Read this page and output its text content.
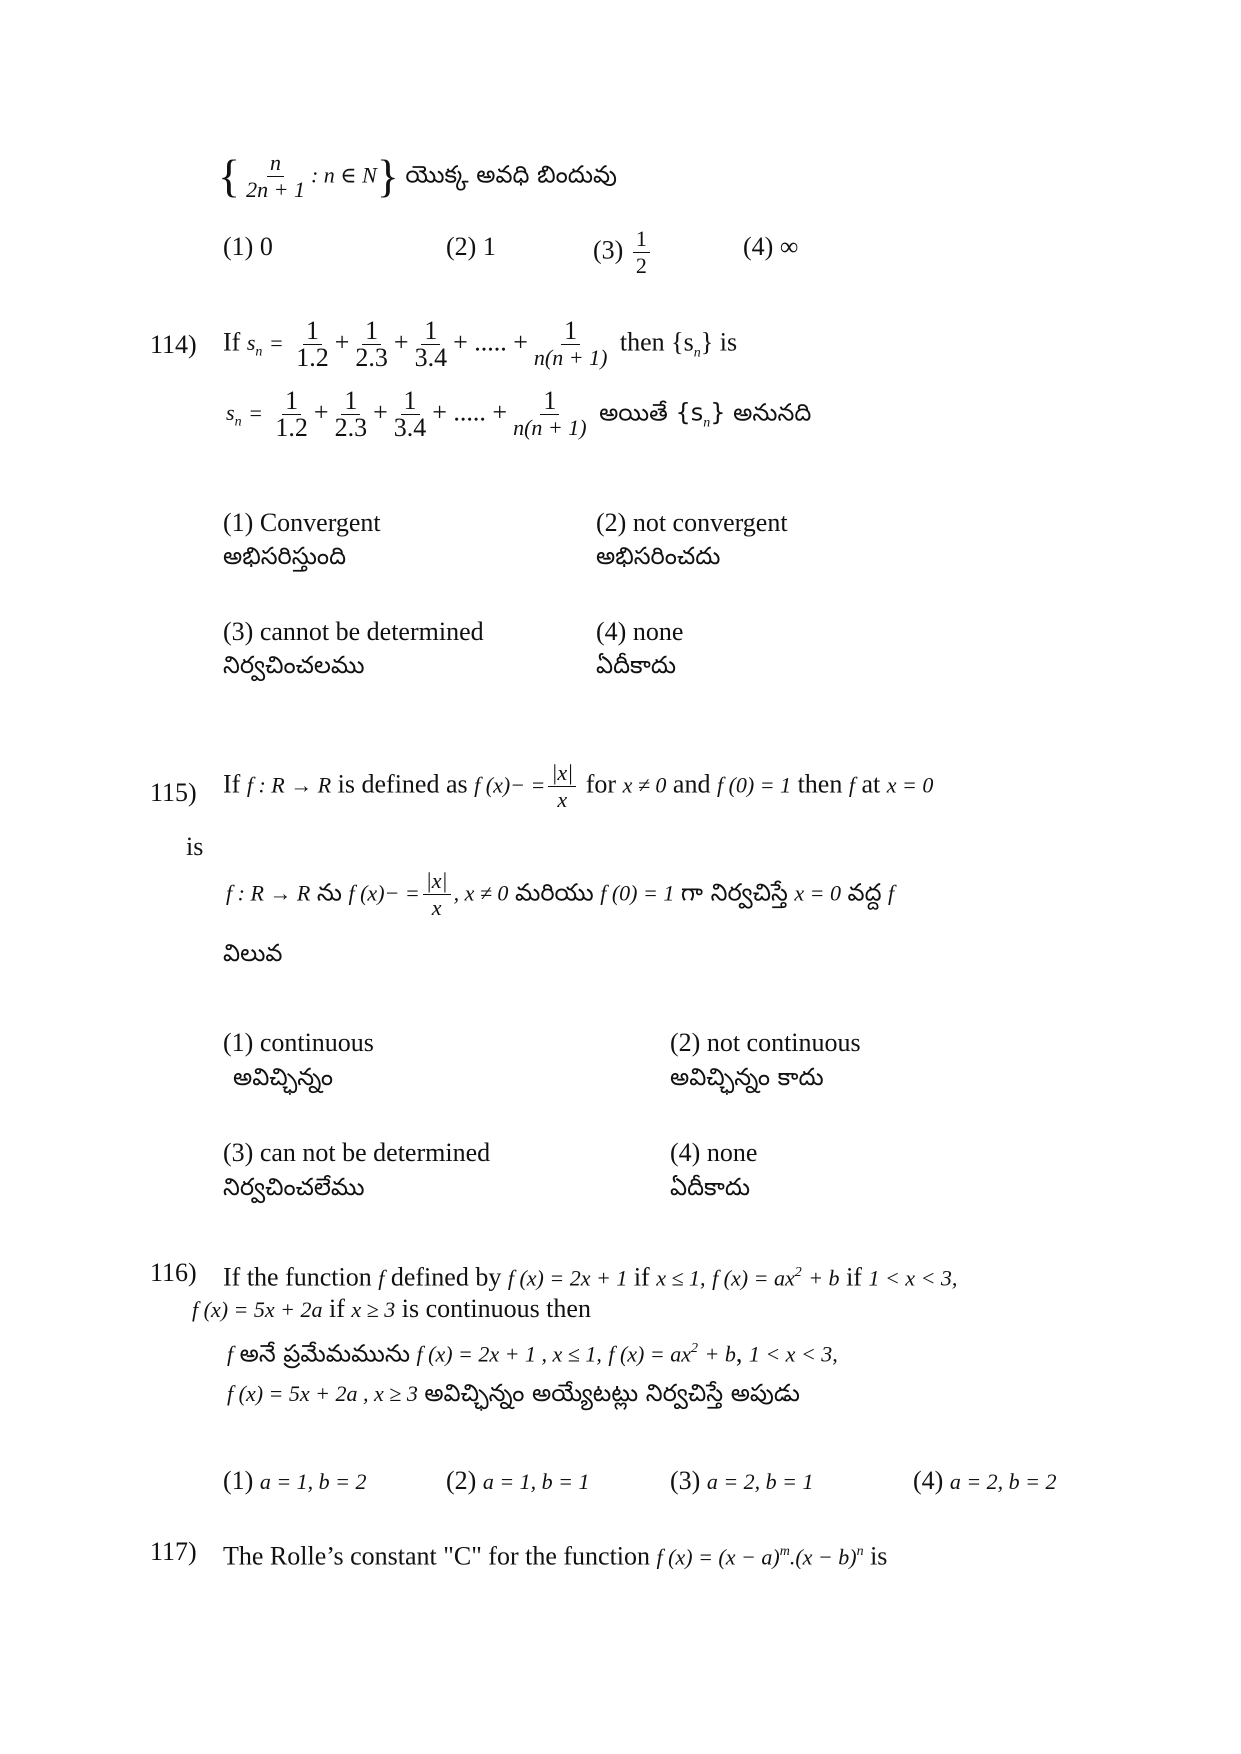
{ $\frac{n}{2n + 1}$ : n ∈ N} యొక్క అవధి బిందువు
(1) 0	(2) 1	$(3) \frac{1}{2}$	(4) ∞
114) If $s_n = \frac{1}{1.2} + \frac{1}{2.3} + \frac{1}{3.4}$ + ..... + $\frac{1}{n(n + 1)}$ then $\{s_n\}$ is
$s_n = \frac{1}{1.2} + \frac{1}{2.3} + \frac{1}{3.4}$ + ..... + $\frac{1}{n(n + 1)}$ అయితే $\{s_n\}$ అనునది
(1) Convergent
అభిసరిస్తుంది
(2) not convergent
అభిసరించదు
(3) cannot be determined
నిర్వచించలము
(4) none
ఏదీకాదు
115) If f : R → R is defined as f $(x)- = \frac{|x|}{x}$ for x ≠ 0 and f (0) = 1 then f at x = 0
is
f : R → R ను f $(x)- = \frac{|x|}{x}$ , x ≠ 0 మరియు f (0) = 1 గా నిర్వచిస్తే x = 0 వద్ద f
విలువ
(1) continuous
అవిచ్ఛిన్నం
(2) not continuous
అవిచ్ఛిన్నం కాదు
(3) can not be determined
నిర్వచించలేము
(4) none
ఏదీకాదు
116) If the function f defined by f (x) = 2x + 1 if x ≤ 1, f $(x) = ax^2 + b$ if 1 < x < 3,
f (x) = 5x + 2a if x ≥ 3 is continuous then
f అనే ప్రమేమమును f (x) = 2x + 1 , x ≤ 1, f $(x) = ax^2 + b$, 1 < x < 3,
f (x) = 5x + 2a , x ≥ 3 అవిచ్ఛిన్నం అయ్యేటట్లు నిర్వచిస్తే అపుడు
(1) a = 1, b = 2	(2) a = 1, b = 1	(3) a = 2, b = 1	(4) a = 2, b = 2
117) The Rolle’s constant "C" for the function f $(x) = (x - a)^m.(x - b)^n$ is
